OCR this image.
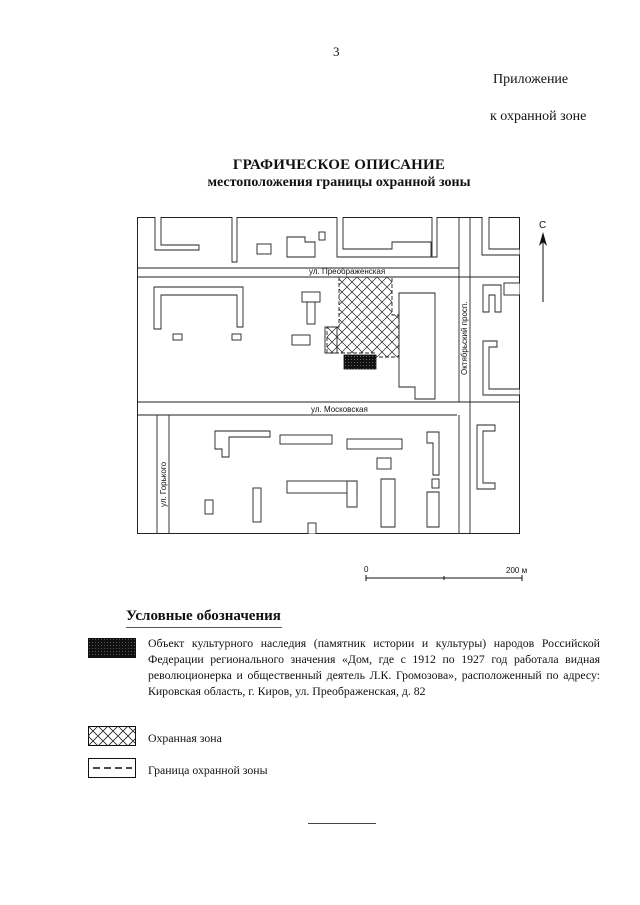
3
Приложение
к охранной зоне
ГРАФИЧЕСКОЕ ОПИСАНИЕ
местоположения границы охранной зоны
ул. Преображенская
ул. Московская
Октябрьский просп.
ул. Горького
С
0	200 м
Условные обозначения
Объект культурного наследия (памятник истории и культуры) народов Российской Федерации регионального значения «Дом, где с 1912 по 1927 год работала видная революционерка и общественный деятель Л.К. Громозова», расположенный по адресу: Кировская область, г. Киров, ул. Преображенская, д. 82
Охранная зона
Граница охранной зоны
